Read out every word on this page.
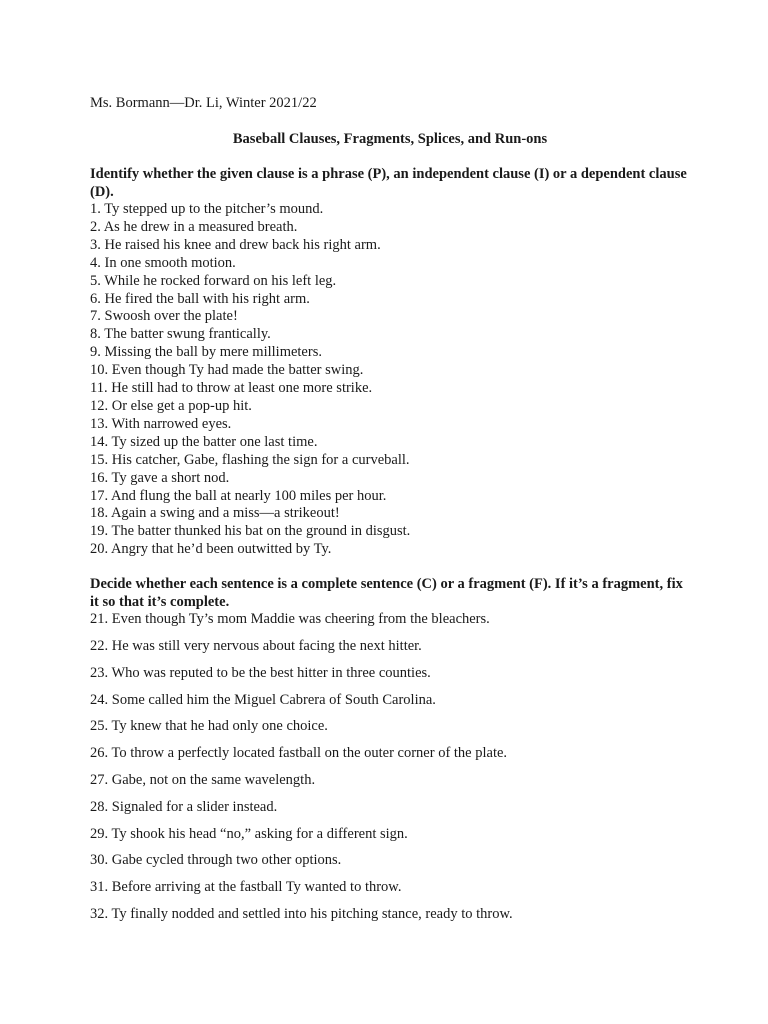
Ms. Bormann—Dr. Li, Winter 2021/22

Baseball Clauses, Fragments, Splices, and Run-ons

Identify whether the given clause is a phrase (P), an independent clause (I) or a dependent clause (D).

1. Ty stepped up to the pitcher’s mound.
2. As he drew in a measured breath.
3. He raised his knee and drew back his right arm.
4. In one smooth motion.
5. While he rocked forward on his left leg.
6. He fired the ball with his right arm.
7. Swoosh over the plate!
8. The batter swung frantically.
9. Missing the ball by mere millimeters.
10. Even though Ty had made the batter swing.
11. He still had to throw at least one more strike.
12. Or else get a pop-up hit.
13. With narrowed eyes.
14. Ty sized up the batter one last time.
15. His catcher, Gabe, flashing the sign for a curveball.
16. Ty gave a short nod.
17. And flung the ball at nearly 100 miles per hour.
18. Again a swing and a miss—a strikeout!
19. The batter thunked his bat on the ground in disgust.
20. Angry that he’d been outwitted by Ty.

Decide whether each sentence is a complete sentence (C) or a fragment (F). If it’s a fragment, fix it so that it’s complete.

21. Even though Ty’s mom Maddie was cheering from the bleachers.
22. He was still very nervous about facing the next hitter.
23. Who was reputed to be the best hitter in three counties.
24. Some called him the Miguel Cabrera of South Carolina.
25. Ty knew that he had only one choice.
26. To throw a perfectly located fastball on the outer corner of the plate.
27. Gabe, not on the same wavelength.
28. Signaled for a slider instead.
29. Ty shook his head “no,” asking for a different sign.
30. Gabe cycled through two other options.
31. Before arriving at the fastball Ty wanted to throw.
32. Ty finally nodded and settled into his pitching stance, ready to throw.
